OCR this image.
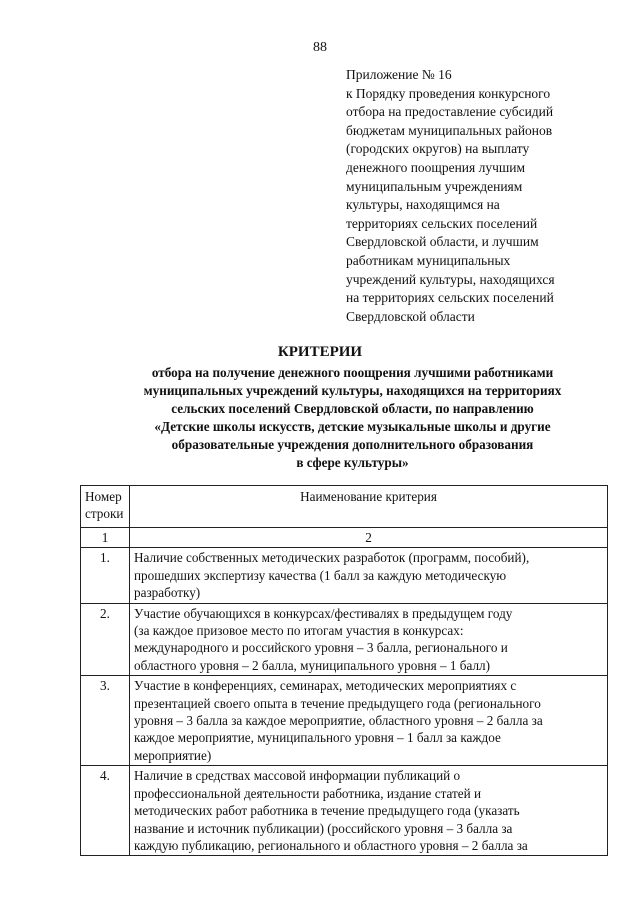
88
Приложение № 16
к Порядку проведения конкурсного
отбора на предоставление субсидий
бюджетам муниципальных районов
(городских округов) на выплату
денежного поощрения лучшим
муниципальным учреждениям
культуры, находящимся на
территориях сельских поселений
Свердловской области, и лучшим
работникам муниципальных
учреждений культуры, находящихся
на территориях сельских поселений
Свердловской области
КРИТЕРИИ
отбора на получение денежного поощрения лучшими работниками
муниципальных учреждений культуры, находящихся на территориях
сельских поселений Свердловской области, по направлению
«Детские школы искусств, детские музыкальные школы и другие
образовательные учреждения дополнительного образования
в сфере культуры»
Номер
строки	Наименование критерия
1	2
1.	Наличие собственных методических разработок (программ, пособий),
прошедших экспертизу качества (1 балл за каждую методическую
разработку)

2.	Участие обучающихся в конкурсах/фестивалях в предыдущем году
(за каждое призовое место по итогам участия в конкурсах:
международного и российского уровня – 3 балла, регионального и
областного уровня – 2 балла, муниципального уровня – 1 балл)

3.	Участие в конференциях, семинарах, методических мероприятиях с
презентацией своего опыта в течение предыдущего года (регионального
уровня – 3 балла за каждое мероприятие, областного уровня – 2 балла за
каждое мероприятие, муниципального уровня – 1 балл за каждое
мероприятие)

4.	Наличие в средствах массовой информации публикаций о
профессиональной деятельности работника, издание статей и
методических работ работника в течение предыдущего года (указать
название и источник публикации) (российского уровня – 3 балла за
каждую публикацию, регионального и областного уровня – 2 балла за
